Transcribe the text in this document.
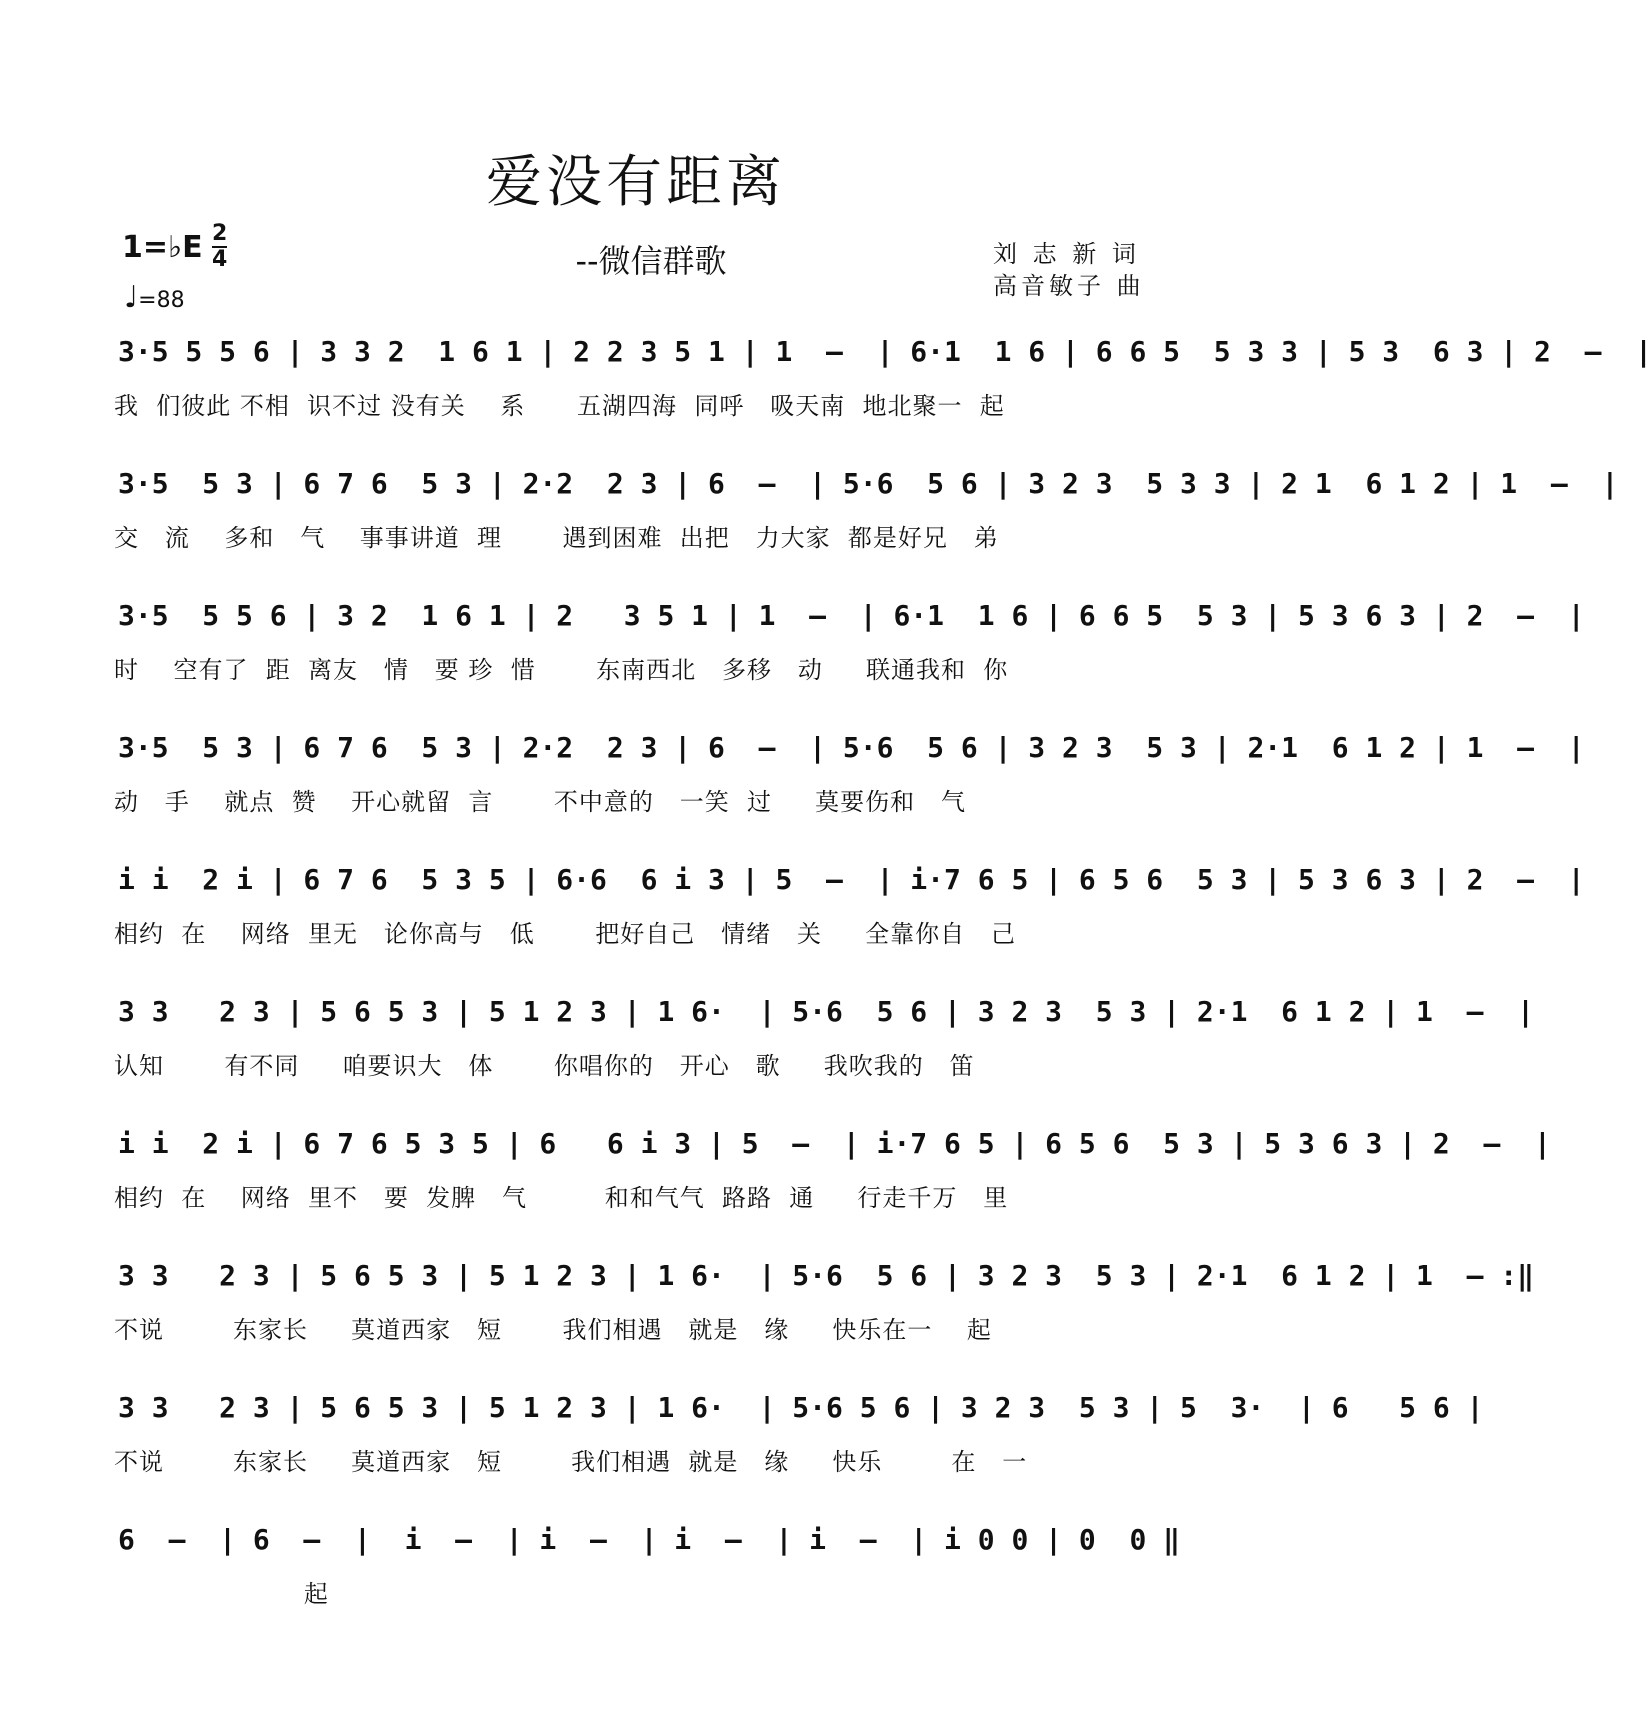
爱没有距离
--微信群歌
1=♭E 2
4
♩=88
刘 志 新 词
高音敏子 曲
3·5 5 5 6 | 3 3 2  1 6 1 | 2 2 3 5 1 | 1  –  | 6·1  1 6 | 6 6 5  5 3 3 | 5 3  6 3 | 2  –  |
我  们彼此 不相  识不过 没有关    系      五湖四海  同呼   吸天南  地北聚一  起
3·5  5 3 | 6 7 6  5 3 | 2·2  2 3 | 6  –  | 5·6  5 6 | 3 2 3  5 3 3 | 2 1  6 1 2 | 1  –  |
交   流    多和   气    事事讲道  理       遇到困难  出把   力大家  都是好兄   弟
3·5  5 5 6 | 3 2  1 6 1 | 2   3 5 1 | 1  –  | 6·1  1 6 | 6 6 5  5 3 | 5 3 6 3 | 2  –  |
时    空有了  距  离友   情   要 珍  惜       东南西北   多移   动     联通我和  你
3·5  5 3 | 6 7 6  5 3 | 2·2  2 3 | 6  –  | 5·6  5 6 | 3 2 3  5 3 | 2·1  6 1 2 | 1  –  |
动   手    就点  赞    开心就留  言       不中意的   一笑  过     莫要伤和   气
i i  2 i | 6 7 6  5 3 5 | 6·6  6 i 3 | 5  –  | i·7 6 5 | 6 5 6  5 3 | 5 3 6 3 | 2  –  |
相约  在    网络  里无   论你高与   低       把好自己   情绪   关     全靠你自   己
3 3   2 3 | 5 6 5 3 | 5 1 2 3 | 1 6·  | 5·6  5 6 | 3 2 3  5 3 | 2·1  6 1 2 | 1  –  |
认知       有不同     咱要识大   体       你唱你的   开心   歌     我吹我的   笛
i i  2 i | 6 7 6 5 3 5 | 6   6 i 3 | 5  –  | i·7 6 5 | 6 5 6  5 3 | 5 3 6 3 | 2  –  |
相约  在    网络  里不   要  发脾   气         和和气气  路路  通     行走千万   里
3 3   2 3 | 5 6 5 3 | 5 1 2 3 | 1 6·  | 5·6  5 6 | 3 2 3  5 3 | 2·1  6 1 2 | 1  – :‖
不说        东家长     莫道西家   短       我们相遇   就是   缘     快乐在一    起
3 3   2 3 | 5 6 5 3 | 5 1 2 3 | 1 6·  | 5·6 5 6 | 3 2 3  5 3 | 5  3·  | 6   5 6 |
不说        东家长     莫道西家   短        我们相遇  就是   缘     快乐        在   一
6  –  | 6  –  |  i  –  | i  –  | i  –  | i  –  | i 0 0 | 0  0 ‖
起
